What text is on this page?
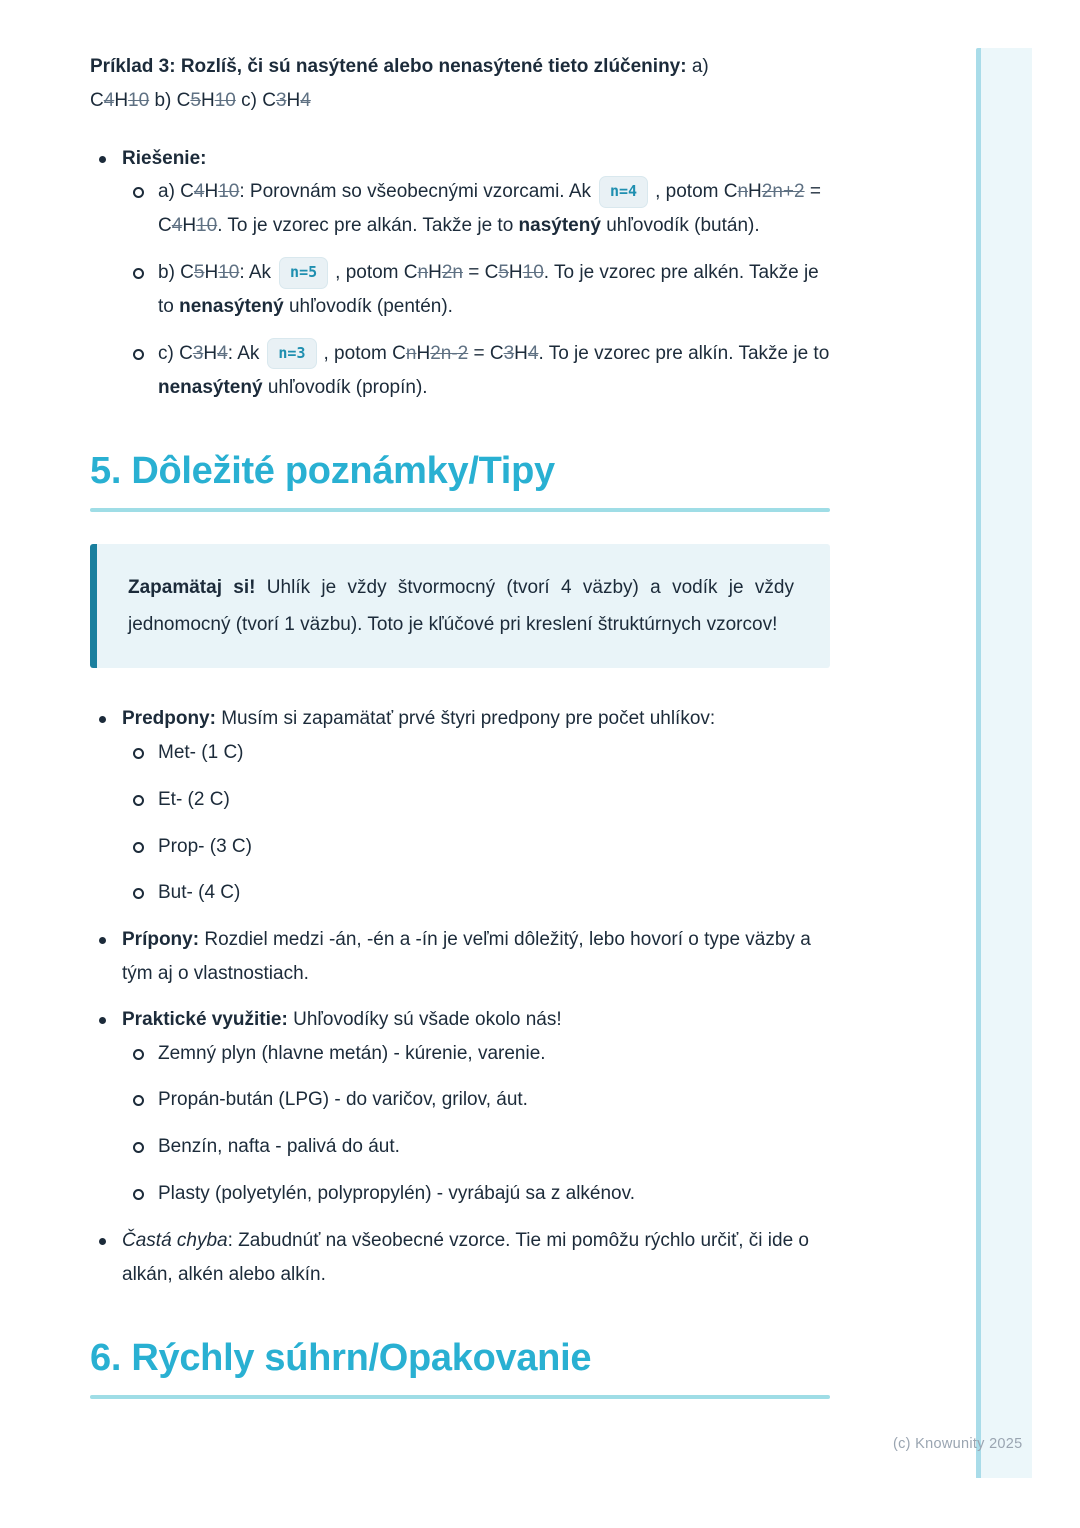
Príklad 3: Rozlíš, či sú nasýtené alebo nenasýtené tieto zlúčeniny: a)
C4H10 b) C5H10 c) C3H4

Riešenie:

a) C4H10: Porovnám so všeobecnými vzorcami. Ak n=4 , potom CnH2n+2 = C4H10. To je vzorec pre alkán. Takže je to nasýtený uhľovodík (bután).

b) C5H10: Ak n=5 , potom CnH2n = C5H10. To je vzorec pre alkén. Takže je to nenasýtený uhľovodík (pentén).

c) C3H4: Ak n=3 , potom CnH2n-2 = C3H4. To je vzorec pre alkín. Takže je to nenasýtený uhľovodík (propín).

5. Dôležité poznámky/Tipy

Zapamätaj si! Uhlík je vždy štvormocný (tvorí 4 väzby) a vodík je vždy jednomocný (tvorí 1 väzbu). Toto je kľúčové pri kreslení štruktúrnych vzorcov!

Predpony: Musím si zapamätať prvé štyri predpony pre počet uhlíkov:

Met- (1 C)

Et- (2 C)

Prop- (3 C)

But- (4 C)

Prípony: Rozdiel medzi -án, -én a -ín je veľmi dôležitý, lebo hovorí o type väzby a tým aj o vlastnostiach.

Praktické využitie: Uhľovodíky sú všade okolo nás!

Zemný plyn (hlavne metán) - kúrenie, varenie.

Propán-bután (LPG) - do varičov, grilov, áut.

Benzín, nafta - palivá do áut.

Plasty (polyetylén, polypropylén) - vyrábajú sa z alkénov.

Častá chyba: Zabudnúť na všeobecné vzorce. Tie mi pomôžu rýchlo určiť, či ide o alkán, alkén alebo alkín.

6. Rýchly súhrn/Opakovanie
(c) Knowunity 2025
